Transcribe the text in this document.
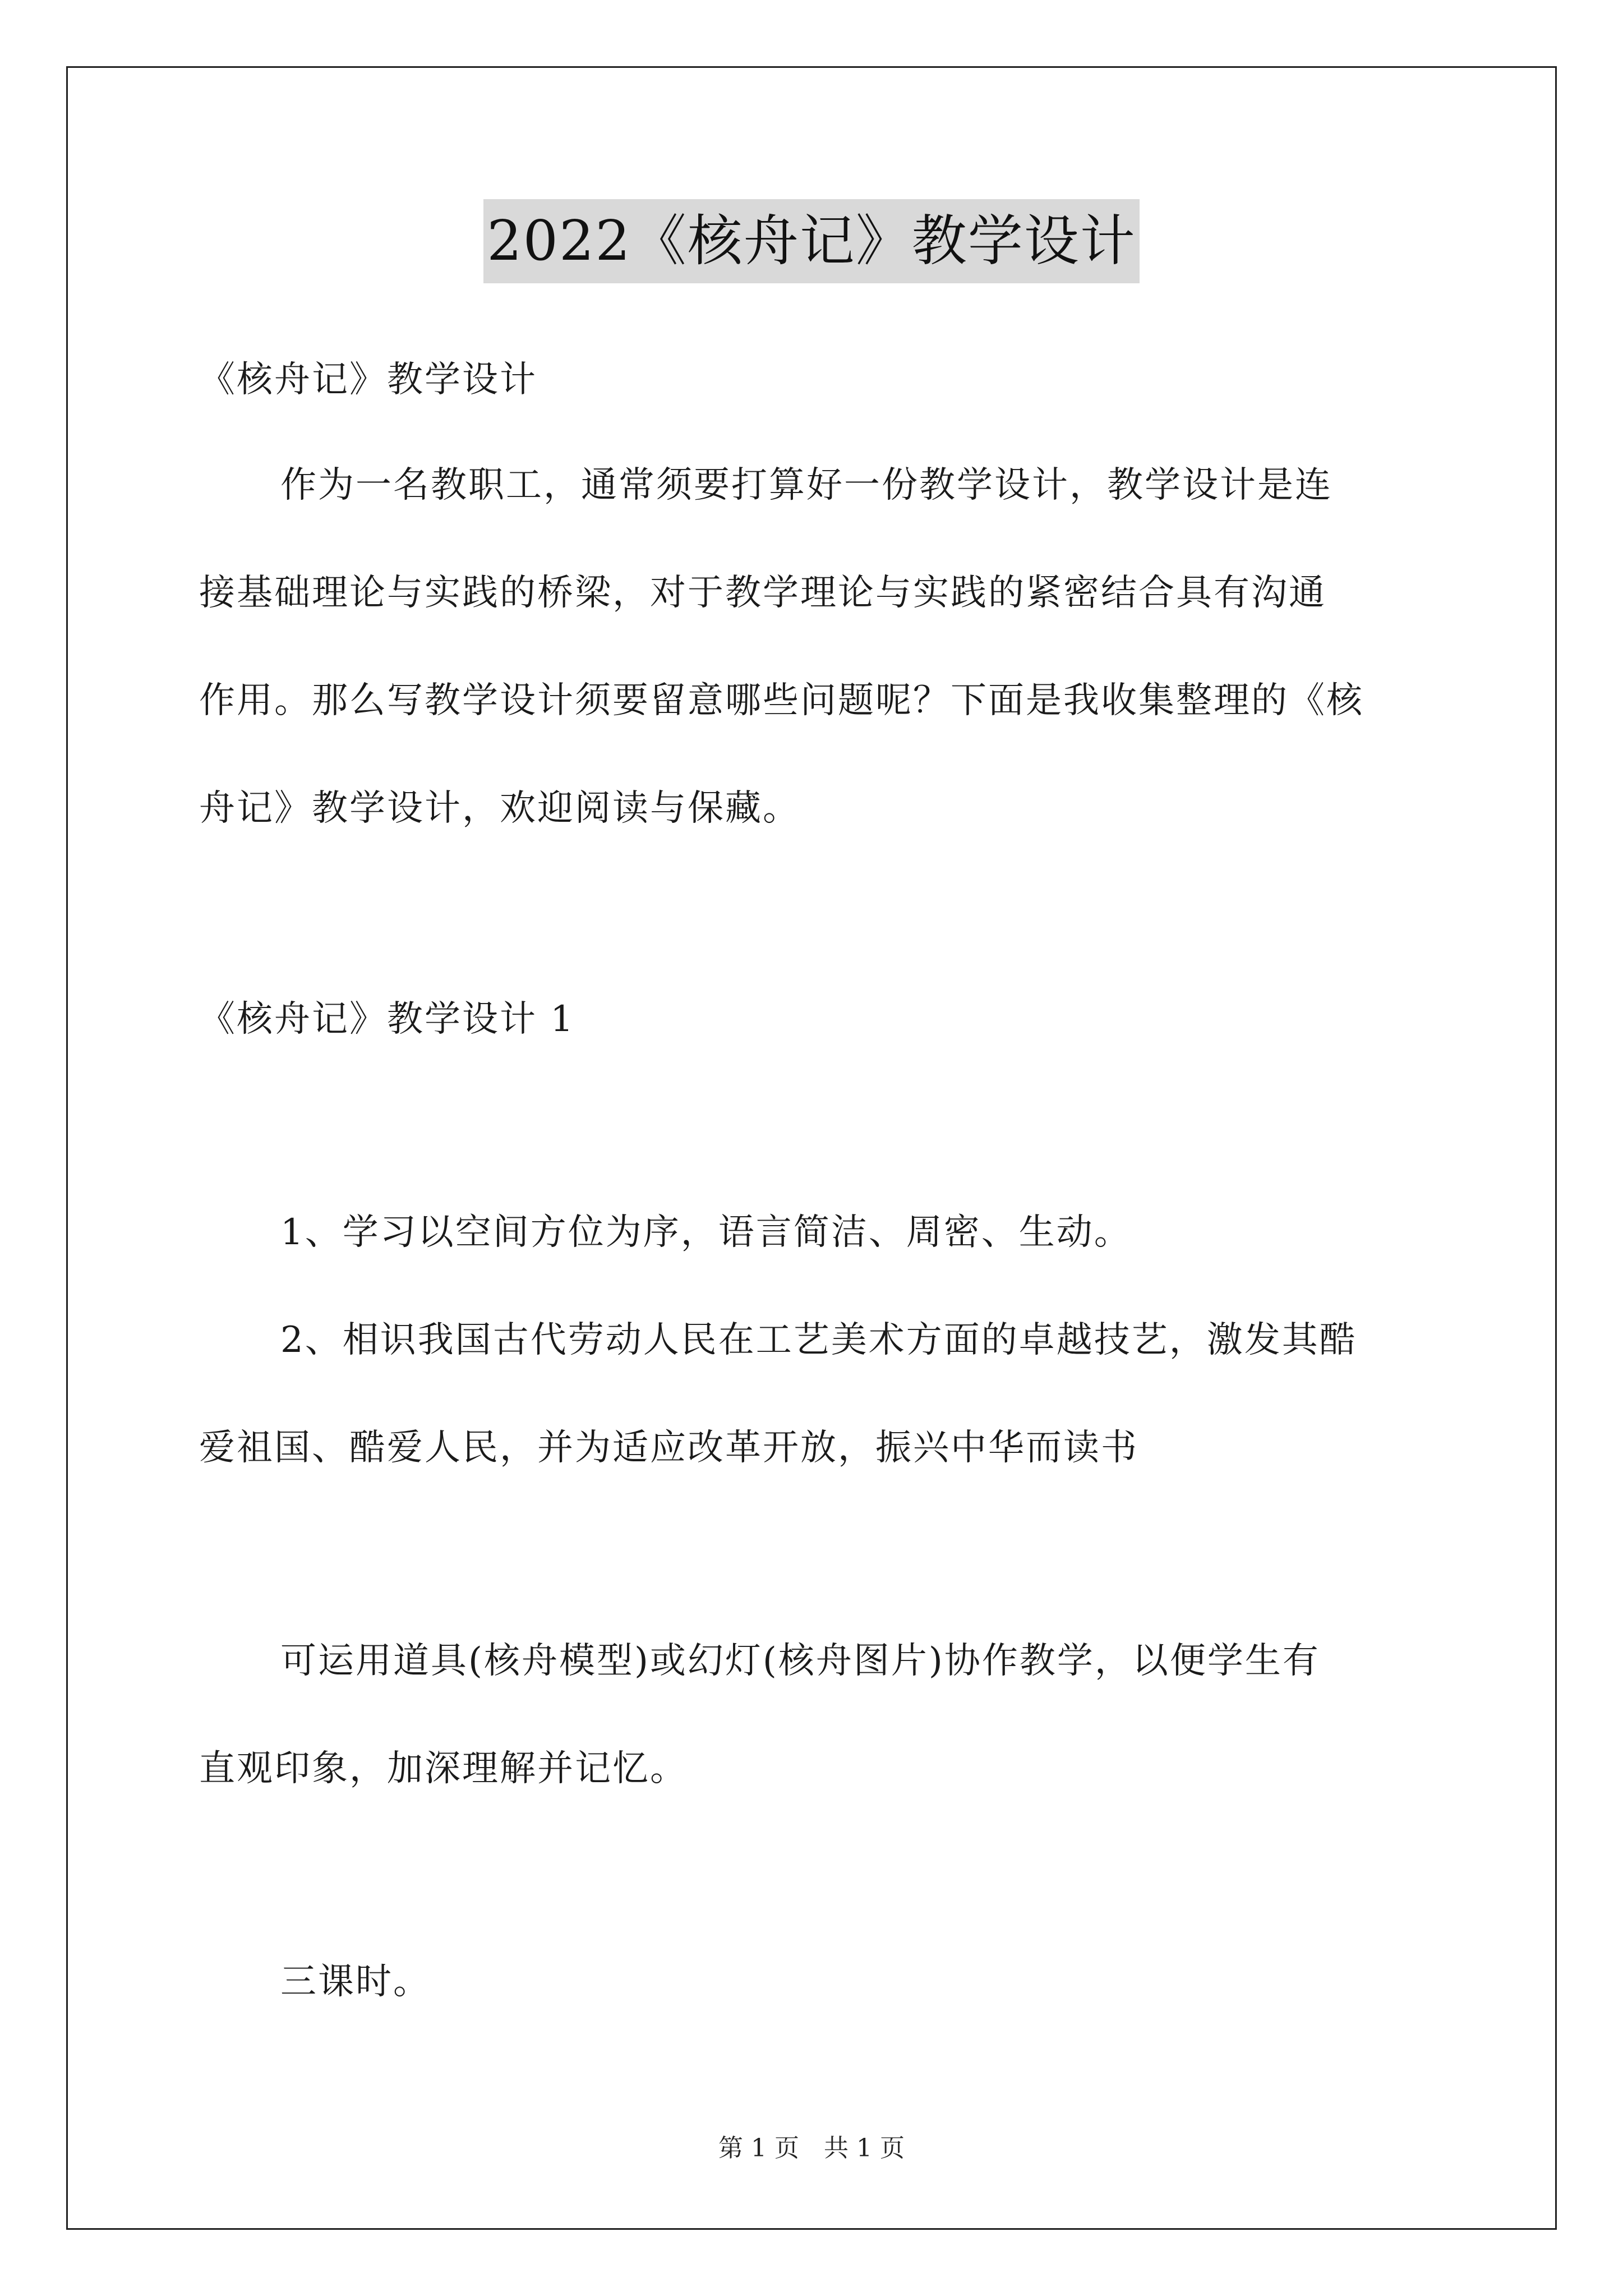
2022《核舟记》教学设计
《核舟记》教学设计
作为一名教职工，通常须要打算好一份教学设计，教学设计是连
接基础理论与实践的桥梁，对于教学理论与实践的紧密结合具有沟通
作用。那么写教学设计须要留意哪些问题呢？下面是我收集整理的《核
舟记》教学设计，欢迎阅读与保藏。
《核舟记》教学设计 1
1、学习以空间方位为序，语言简洁、周密、生动。
2、相识我国古代劳动人民在工艺美术方面的卓越技艺，激发其酷
爱祖国、酷爱人民，并为适应改革开放，振兴中华而读书
可运用道具(核舟模型)或幻灯(核舟图片)协作教学，以便学生有
直观印象，加深理解并记忆。
三课时。
第 1 页　共 1 页
